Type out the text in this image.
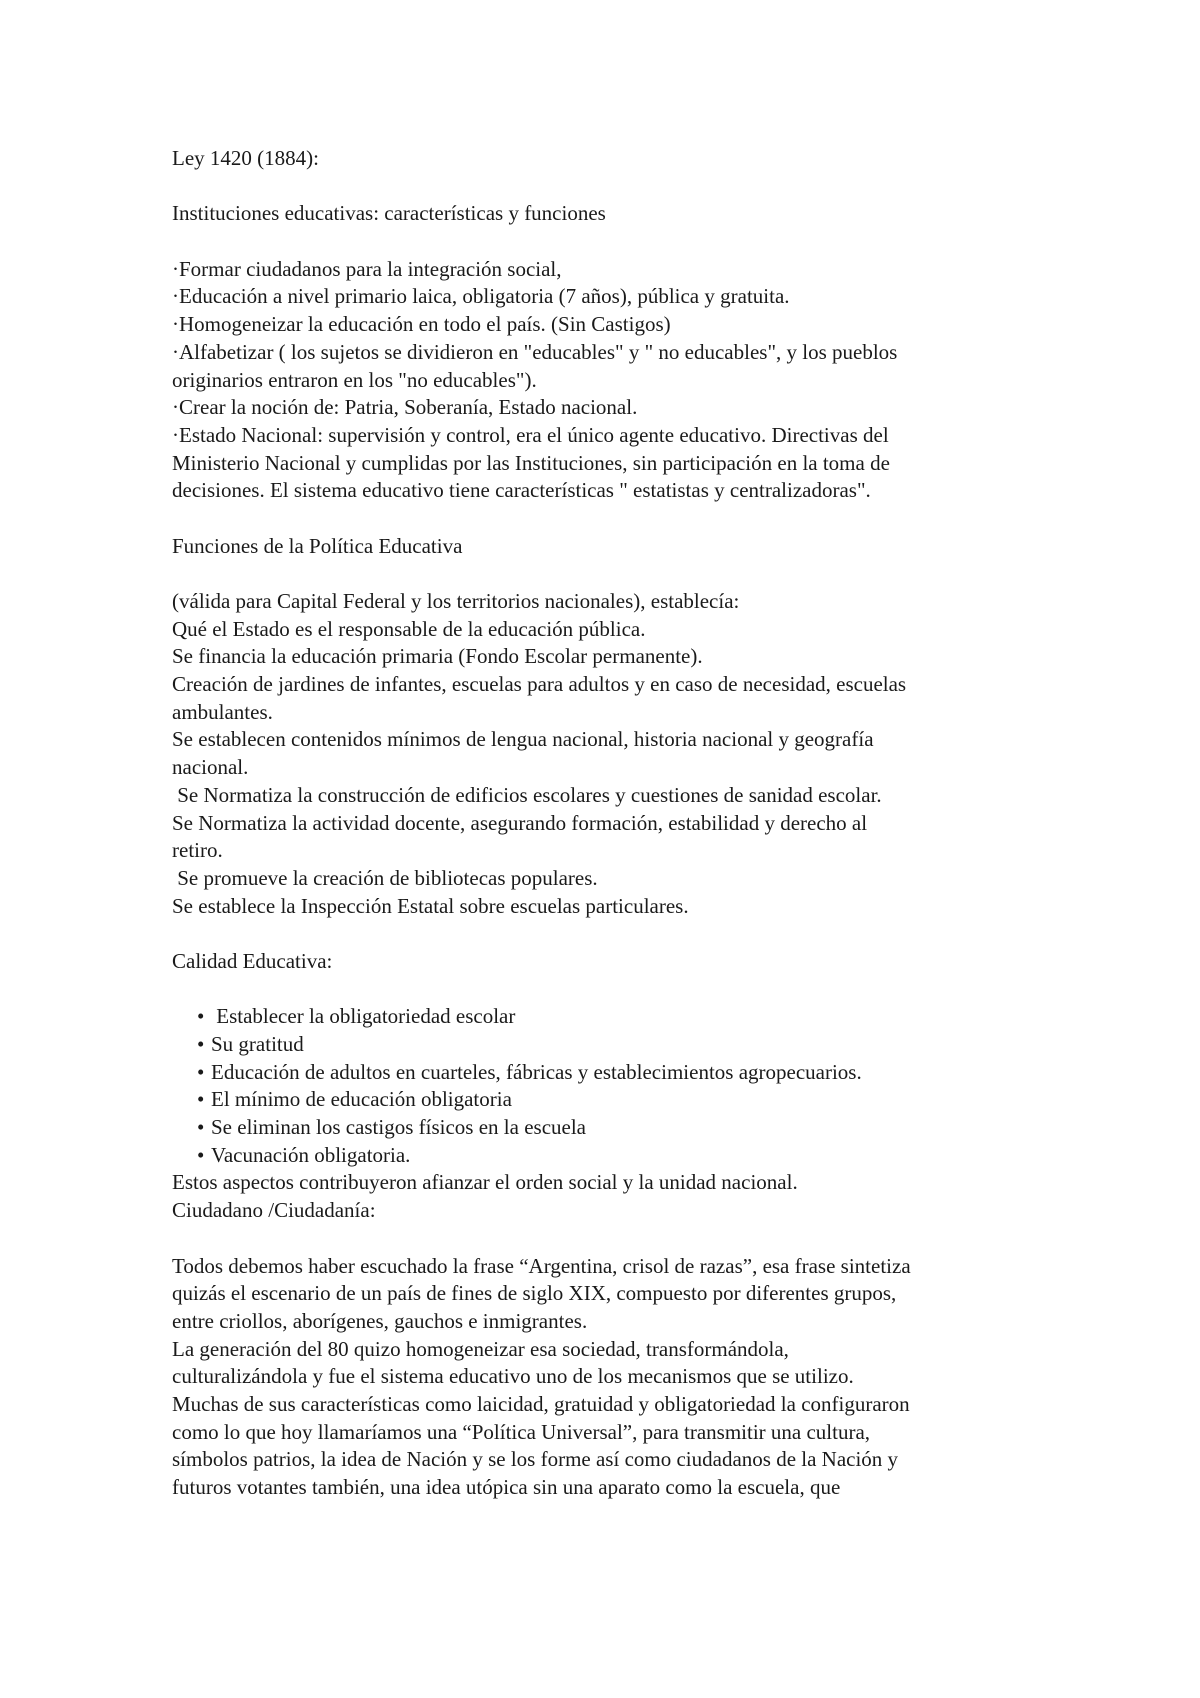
Ley 1420 (1884):

Instituciones educativas: características y funciones

·Formar ciudadanos para la integración social,

·Educación a nivel primario laica, obligatoria (7 años), pública y gratuita.

·Homogeneizar la educación en todo el país. (Sin Castigos)

·Alfabetizar ( los sujetos se dividieron en "educables" y " no educables", y los pueblos

originarios entraron en los "no educables").

·Crear la noción de: Patria, Soberanía, Estado nacional.

·Estado Nacional: supervisión y control, era el único agente educativo. Directivas del

Ministerio Nacional y cumplidas por las Instituciones, sin participación en la toma de

decisiones. El sistema educativo tiene características " estatistas y centralizadoras".

Funciones de la Política Educativa

(válida para Capital Federal y los territorios nacionales), establecía:

Qué el Estado es el responsable de la educación pública.

Se financia la educación primaria (Fondo Escolar permanente).

Creación de jardines de infantes, escuelas para adultos y en caso de necesidad, escuelas

ambulantes.

Se establecen contenidos mínimos de lengua nacional, historia nacional y geografía

nacional.

Se Normatiza la construcción de edificios escolares y cuestiones de sanidad escolar.

Se Normatiza la actividad docente, asegurando formación, estabilidad y derecho al

retiro.

Se promueve la creación de bibliotecas populares.

Se establece la Inspección Estatal sobre escuelas particulares.

Calidad Educativa:

• Establecer la obligatoriedad escolar
• Su gratitud
• Educación de adultos en cuarteles, fábricas y establecimientos agropecuarios.
• El mínimo de educación obligatoria
• Se eliminan los castigos físicos en la escuela
• Vacunación obligatoria.

Estos aspectos contribuyeron afianzar el orden social y la unidad nacional.

Ciudadano /Ciudadanía:

Todos debemos haber escuchado la frase “Argentina, crisol de razas”, esa frase sintetiza

quizás el escenario de un país de fines de siglo XIX, compuesto por diferentes grupos,

entre criollos, aborígenes, gauchos e inmigrantes.

La generación del 80 quizo homogeneizar esa sociedad, transformándola,

culturalizándola y fue el sistema educativo uno de los mecanismos que se utilizo.

Muchas de sus características como laicidad, gratuidad y obligatoriedad la configuraron

como lo que hoy llamaríamos una “Política Universal”, para transmitir una cultura,

símbolos patrios, la idea de Nación y se los forme así como ciudadanos de la Nación y

futuros votantes también, una idea utópica sin una aparato como la escuela, que
